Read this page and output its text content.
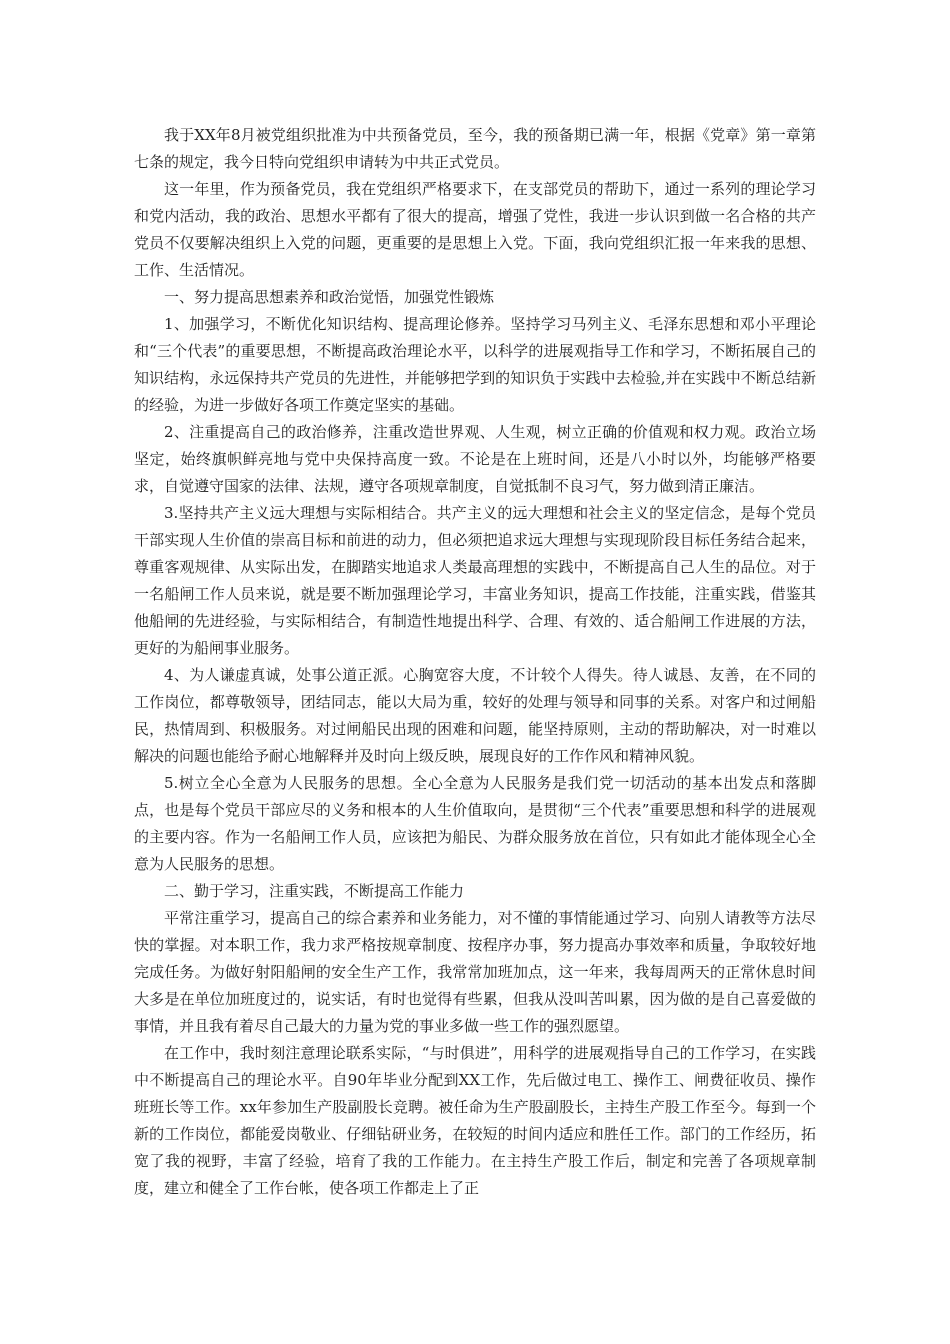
我于XX年8月被党组织批准为中共预备党员，至今，我的预备期已满一年，根据《党章》第一章第七条的规定，我今日特向党组织申请转为中共正式党员。

这一年里，作为预备党员，我在党组织严格要求下，在支部党员的帮助下，通过一系列的理论学习和党内活动，我的政治、思想水平都有了很大的提高，增强了党性，我进一步认识到做一名合格的共产党员不仅要解决组织上入党的问题，更重要的是思想上入党。下面，我向党组织汇报一年来我的思想、工作、生活情况。

一、努力提高思想素养和政治觉悟，加强党性锻炼

1、加强学习，不断优化知识结构、提高理论修养。坚持学习马列主义、毛泽东思想和邓小平理论和“三个代表”的重要思想，不断提高政治理论水平，以科学的进展观指导工作和学习，不断拓展自己的知识结构，永远保持共产党员的先进性，并能够把学到的知识负于实践中去检验,并在实践中不断总结新的经验，为进一步做好各项工作奠定坚实的基础。

2、注重提高自己的政治修养，注重改造世界观、人生观，树立正确的价值观和权力观。政治立场坚定，始终旗帜鲜亮地与党中央保持高度一致。不论是在上班时间，还是八小时以外，均能够严格要求，自觉遵守国家的法律、法规，遵守各项规章制度，自觉抵制不良习气，努力做到清正廉洁。

3.坚持共产主义远大理想与实际相结合。共产主义的远大理想和社会主义的坚定信念，是每个党员干部实现人生价值的崇高目标和前进的动力，但必须把追求远大理想与实现现阶段目标任务结合起来，尊重客观规律、从实际出发，在脚踏实地追求人类最高理想的实践中，不断提高自己人生的品位。对于一名船闸工作人员来说，就是要不断加强理论学习，丰富业务知识，提高工作技能，注重实践，借鉴其他船闸的先进经验，与实际相结合，有制造性地提出科学、合理、有效的、适合船闸工作进展的方法，更好的为船闸事业服务。

4、为人谦虚真诚，处事公道正派。心胸宽容大度，不计较个人得失。待人诚恳、友善，在不同的工作岗位，都尊敬领导，团结同志，能以大局为重，较好的处理与领导和同事的关系。对客户和过闸船民，热情周到、积极服务。对过闸船民出现的困难和问题，能坚持原则，主动的帮助解决，对一时难以解决的问题也能给予耐心地解释并及时向上级反映，展现良好的工作作风和精神风貌。

5.树立全心全意为人民服务的思想。全心全意为人民服务是我们党一切活动的基本出发点和落脚点，也是每个党员干部应尽的义务和根本的人生价值取向，是贯彻“三个代表”重要思想和科学的进展观的主要内容。作为一名船闸工作人员，应该把为船民、为群众服务放在首位，只有如此才能体现全心全意为人民服务的思想。

二、勤于学习，注重实践，不断提高工作能力

平常注重学习，提高自己的综合素养和业务能力，对不懂的事情能通过学习、向别人请教等方法尽快的掌握。对本职工作，我力求严格按规章制度、按程序办事，努力提高办事效率和质量，争取较好地完成任务。为做好射阳船闸的安全生产工作，我常常加班加点，这一年来，我每周两天的正常休息时间大多是在单位加班度过的，说实话，有时也觉得有些累，但我从没叫苦叫累，因为做的是自己喜爱做的事情，并且我有着尽自己最大的力量为党的事业多做一些工作的强烈愿望。

在工作中，我时刻注意理论联系实际，“与时俱进”，用科学的进展观指导自己的工作学习，在实践中不断提高自己的理论水平。自90年毕业分配到XX工作，先后做过电工、操作工、闸费征收员、操作班班长等工作。xx年参加生产股副股长竞聘。被任命为生产股副股长，主持生产股工作至今。每到一个新的工作岗位，都能爱岗敬业、仔细钻研业务，在较短的时间内适应和胜任工作。部门的工作经历，拓宽了我的视野，丰富了经验，培育了我的工作能力。在主持生产股工作后，制定和完善了各项规章制度，建立和健全了工作台帐，使各项工作都走上了正
